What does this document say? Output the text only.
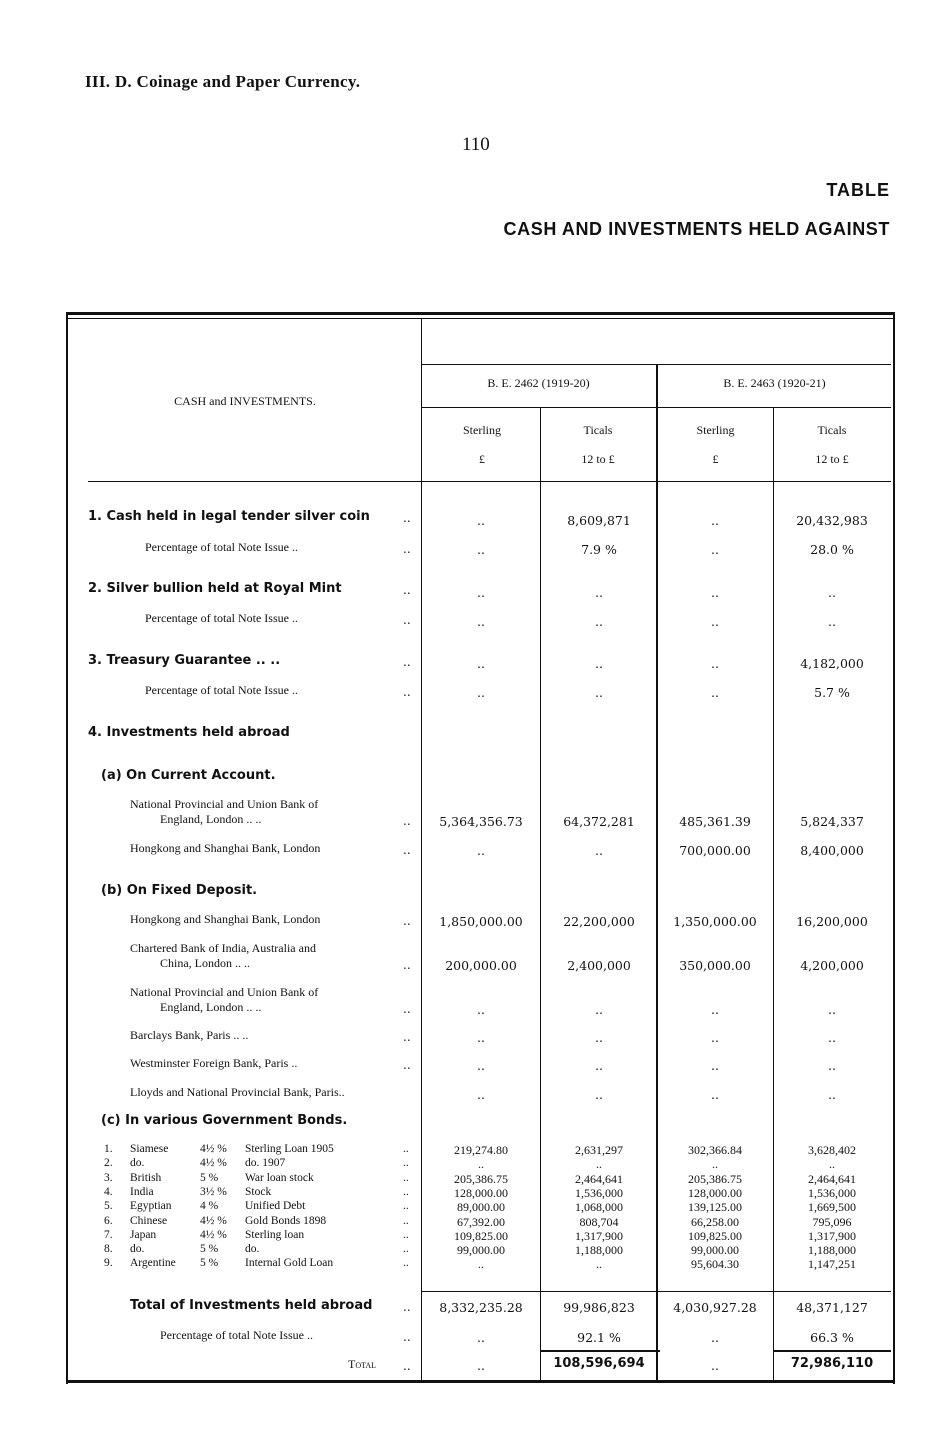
III. D. Coinage and Paper Currency.
110
TABLE
CASH AND INVESTMENTS HELD AGAINST
CASH and INVESTMENTS.
B. E. 2462 (1919-20)	B. E. 2463 (1920-21)
Sterling	Ticals	Sterling	Ticals
£	12 to £	£	12 to £
1. Cash held in legal tender silver coin	..	..	8,609,871	..	20,432,983
Percentage of total Note Issue ..	..	..	7.9 %	..	28.0 %
2. Silver bullion held at Royal Mint	..	..	..	..	..
Percentage of total Note Issue ..	..	..	..	..	..
3. Treasury Guarantee .. ..	..	..	..	..	4,182,000
Percentage of total Note Issue ..	..	..	..	..	5.7 %
4. Investments held abroad
(a) On Current Account.
National Provincial and Union Bank of
England, London .. ..	..	5,364,356.73	64,372,281	485,361.39	5,824,337
Hongkong and Shanghai Bank, London	..	..	..	700,000.00	8,400,000
(b) On Fixed Deposit.
Hongkong and Shanghai Bank, London	..	1,850,000.00	22,200,000	1,350,000.00	16,200,000
Chartered Bank of India, Australia and
China, London .. ..	..	200,000.00	2,400,000	350,000.00	4,200,000
National Provincial and Union Bank of
England, London .. ..	..	..	..	..	..
Barclays Bank, Paris .. ..	..	..	..	..	..
Westminster Foreign Bank, Paris ..	..	..	..	..	..
Lloyds and National Provincial Bank, Paris..	..	..	..	..
(c) In various Government Bonds.
1. Siamese	4½ % Sterling Loan 1905	..	219,274.80	2,631,297	302,366.84	3,628,402
2. do.	4½ % do. 1907	..	..	..	..	..
3. British	5 % War loan stock	..	205,386.75	2,464,641	205,386.75	2,464,641
4. India	3½ % Stock	..	128,000.00	1,536,000	128,000.00	1,536,000
5. Egyptian 4 % Unified Debt	..	89,000.00	1,068,000	139,125.00	1,669,500
6. Chinese	4½ % Gold Bonds 1898	..	67,392.00	808,704	66,258.00	795,096
7. Japan	4½ % Sterling loan	..	109,825.00	1,317,900	109,825.00	1,317,900
8. do.	5 % do.	..	99,000.00	1,188,000	99,000.00	1,188,000
9. Argentine 5 % Internal Gold Loan	..	..	..	95,604.30	1,147,251
Total of Investments held abroad	..	8,332,235.28	99,986,823	4,030,927.28	48,371,127
Percentage of total Note Issue ..	..	..	92.1 %	..	66.3 %
Total ..	..	108,596,694	..	72,986,110
